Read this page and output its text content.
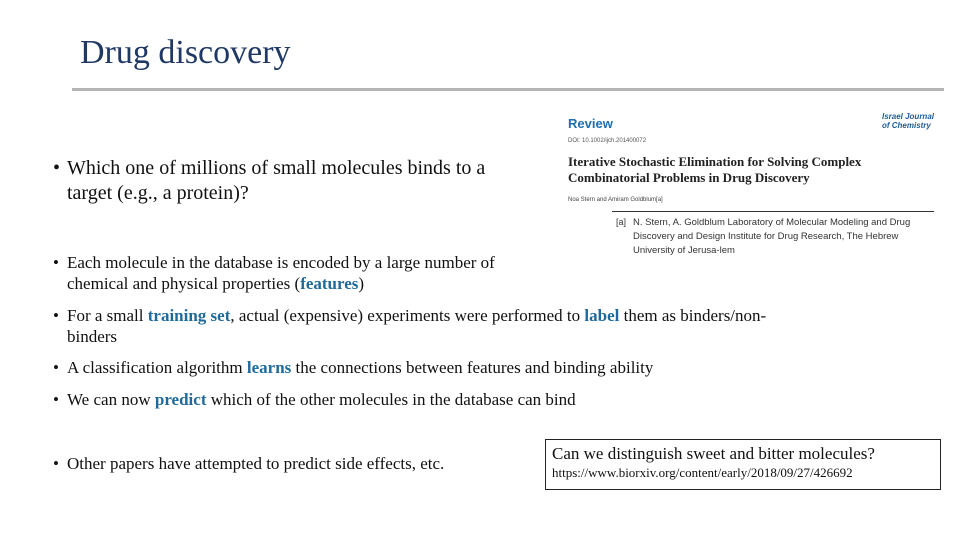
Drug discovery
• Which one of millions of small molecules binds to a target (e.g., a protein)?
• Each molecule in the database is encoded by a large number of chemical and physical properties (features)
• For a small training set, actual (expensive) experiments were performed to label them as binders/non-binders
• A classification algorithm learns the connections between features and binding ability
• We can now predict which of the other molecules in the database can bind
• Other papers have attempted to predict side effects, etc.
Review
DOI: 10.1002/ijch.201400072
Israel Journal
of Chemistry
Iterative Stochastic Elimination for Solving Complex Combinatorial Problems in Drug Discovery
Noa Stern and Amiram Goldblum[a]
[a] N. Stern, A. Goldblum Laboratory of Molecular Modeling and Drug Discovery and Design Institute for Drug Research, The Hebrew University of Jerusa-lem
Can we distinguish sweet and bitter molecules?
https://www.biorxiv.org/content/early/2018/09/27/426692
